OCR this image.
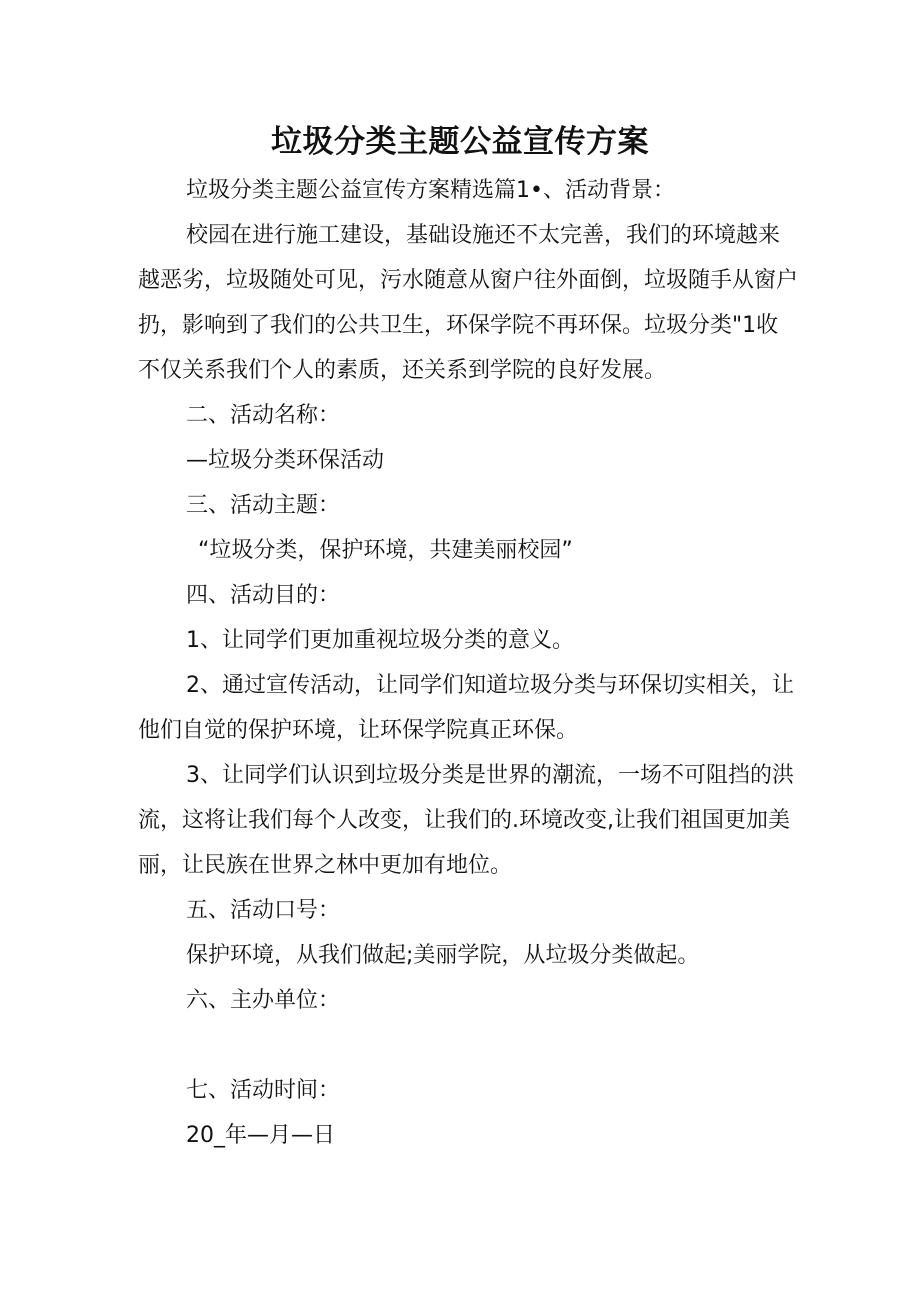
垃圾分类主题公益宣传方案

垃圾分类主题公益宣传方案精选篇1•、活动背景：

校园在进行施工建设，基础设施还不太完善，我们的环境越来越恶劣，垃圾随处可见，污水随意从窗户往外面倒，垃圾随手从窗户扔，影响到了我们的公共卫生，环保学院不再环保。垃圾分类"1收不仅关系我们个人的素质，还关系到学院的良好发展。

二、活动名称：

—垃圾分类环保活动

三、活动主题：

“垃圾分类，保护环境，共建美丽校园”

四、活动目的：

1、让同学们更加重视垃圾分类的意义。

2、通过宣传活动，让同学们知道垃圾分类与环保切实相关，让他们自觉的保护环境，让环保学院真正环保。

3、让同学们认识到垃圾分类是世界的潮流，一场不可阻挡的洪流，这将让我们每个人改变，让我们的.环境改变,让我们祖国更加美丽，让民族在世界之林中更加有地位。

五、活动口号：

保护环境，从我们做起;美丽学院，从垃圾分类做起。

六、主办单位：

七、活动时间：

20_年—月—日
